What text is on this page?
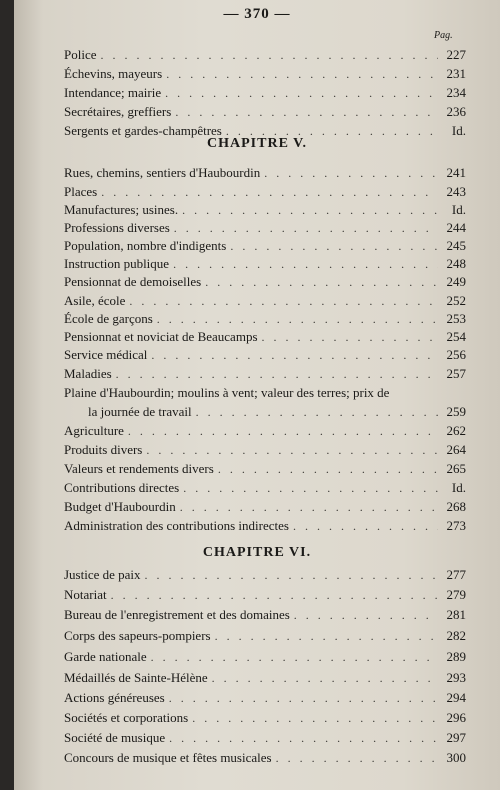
— 370 —
Pag.
Police . . .	227
Échevins, mayeurs . . .	231
Intendance; mairie . . .	234
Secrétaires, greffiers . . .	236
Sergents et gardes-champêtres . . .	Id.
CHAPITRE V.
Rues, chemins, sentiers d'Haubourdin . . .	241
Places . . .	243
Manufactures; usines. . . .	Id.
Professions diverses . . .	244
Population, nombre d'indigents . . .	245
Instruction publique . . .	248
Pensionnat de demoiselles . . .	249
Asile, école . . .	252
École de garçons . . .	253
Pensionnat et noviciat de Beaucamps . . .	254
Service médical . . .	256
Maladies . . .	257
Plaine d'Haubourdin; moulins à vent; valeur des terres; prix de
la journée de travail . . .	259
Agriculture . . .	262
Produits divers . . .	264
Valeurs et rendements divers . . .	265
Contributions directes . . .	Id.
Budget d'Haubourdin . . .	268
Administration des contributions indirectes . . .	273
CHAPITRE VI.
Justice de paix . . .	277
Notariat . . .	279
Bureau de l'enregistrement et des domaines . . .	281
Corps des sapeurs-pompiers . . .	282
Garde nationale . . .	289
Médaillés de Sainte-Hélène . . .	293
Actions généreuses . . .	294
Sociétés et corporations . . .	296
Société de musique . . .	297
Concours de musique et fêtes musicales . . .	300
